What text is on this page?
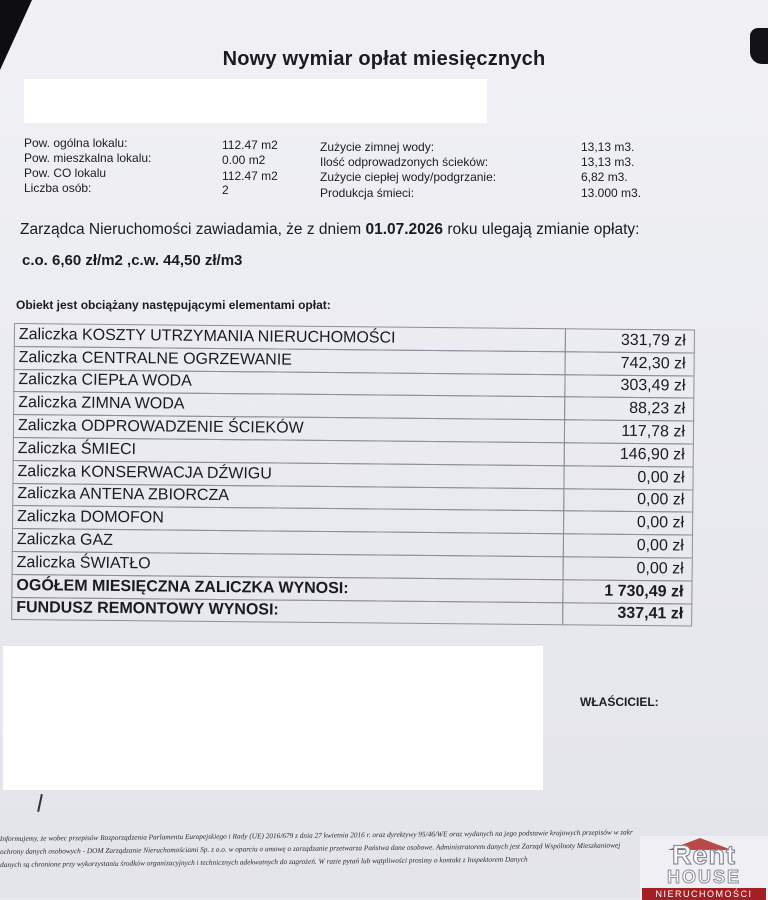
Nowy wymiar opłat miesięcznych
Pow. ogólna lokalu:	112.47 m2
Pow. mieszkalna lokalu:	0.00 m2
Pow. CO lokalu	112.47 m2
Liczba osób:	2
Zużycie zimnej wody:	13,13 m3.
Ilość odprowadzonych ścieków:	13,13 m3.
Zużycie ciepłej wody/podgrzanie:	6,82 m3.
Produkcja śmieci:	13.000 m3.
Zarządca Nieruchomości zawiadamia, że z dniem 01.07.2026 roku ulegają zmianie opłaty:
c.o. 6,60 zł/m2 ,c.w. 44,50 zł/m3
Obiekt jest obciążany następującymi elementami opłat:
Zaliczka KOSZTY UTRZYMANIA NIERUCHOMOŚCI	331,79 zł
Zaliczka CENTRALNE OGRZEWANIE	742,30 zł
Zaliczka CIEPŁA WODA	303,49 zł
Zaliczka ZIMNA WODA	88,23 zł
Zaliczka ODPROWADZENIE ŚCIEKÓW	117,78 zł
Zaliczka ŚMIECI	146,90 zł
Zaliczka KONSERWACJA DŹWIGU	0,00 zł
Zaliczka ANTENA ZBIORCZA	0,00 zł
Zaliczka DOMOFON	0,00 zł
Zaliczka GAZ	0,00 zł
Zaliczka ŚWIATŁO	0,00 zł
OGÓŁEM MIESIĘCZNA ZALICZKA WYNOSI:	1 730,49 zł
FUNDUSZ REMONTOWY WYNOSI:	337,41 zł
WŁAŚCICIEL:
Informujemy, że wobec przepisów Rozporządzenia Parlamentu Europejskiego i Rady (UE) 2016/679 z dnia 27 kwietnia 2016 r. oraz dyrektywy 95/46/WE oraz wydanych na jego podstawie krajowych przepisów w zakr
ochrony danych osobowych - DOM Zarządzanie Nieruchomościami Sp. z o.o. w oparciu o umowę o zarządzanie przetwarza Państwa dane osobowe. Administratorem danych jest Zarząd Wspólnoty Mieszkaniowej
danych są chronione przy wykorzystaniu środków organizacyjnych i technicznych adekwatnych do zagrożeń. W razie pytań lub wątpliwości prosimy o kontakt z Inspektorem Danych	Rent
HOUSE
NIERUCHOMOŚCI
